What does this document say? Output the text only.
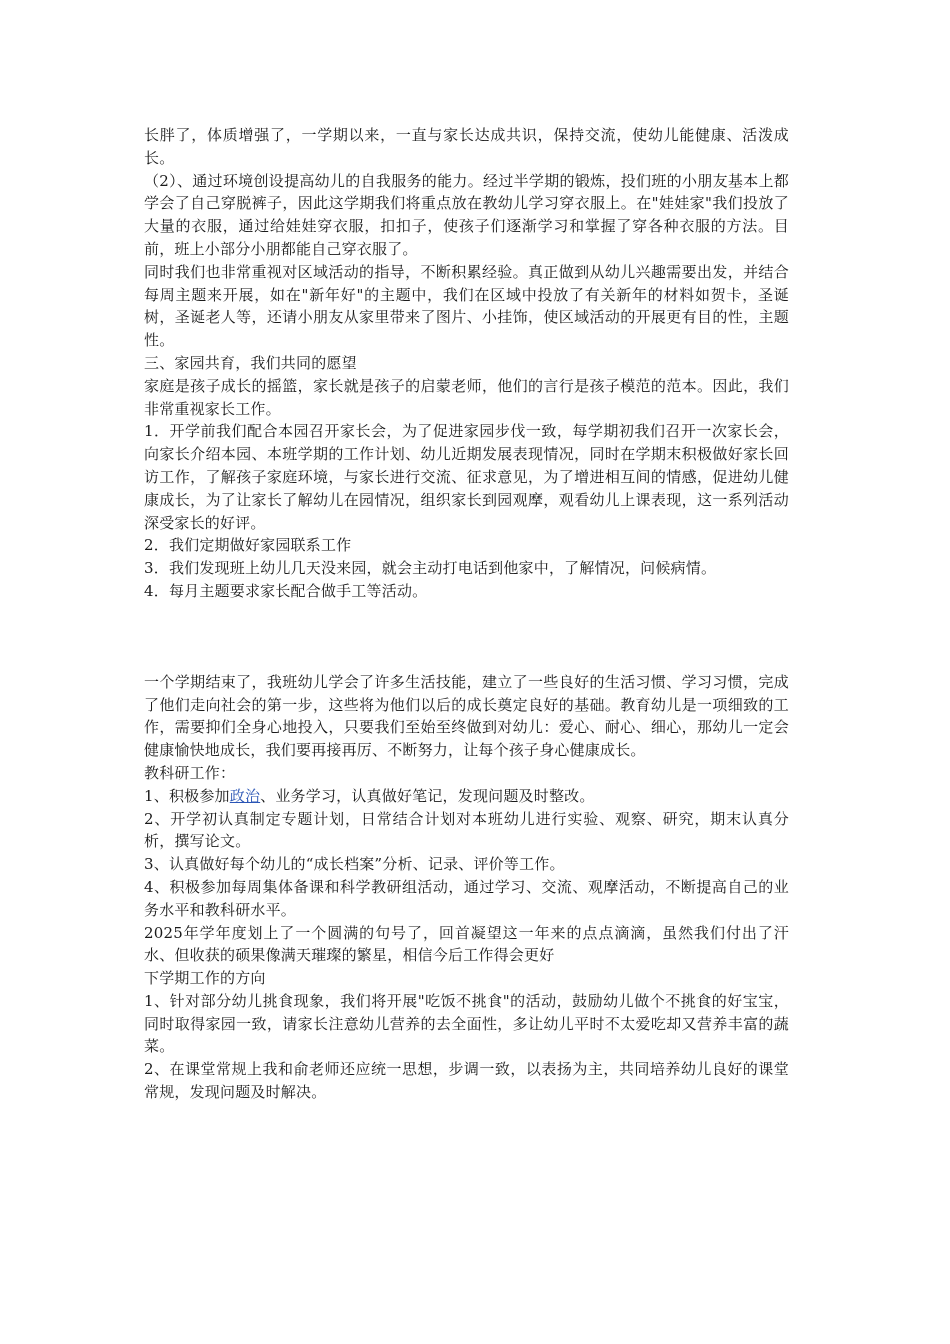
长胖了，体质增强了，一学期以来，一直与家长达成共识，保持交流，使幼儿能健康、活泼成长。

（2）、通过环境创设提高幼儿的自我服务的能力。经过半学期的锻炼，投们班的小朋友基本上都学会了自己穿脱裤子，因此这学期我们将重点放在教幼儿学习穿衣服上。在"娃娃家"我们投放了大量的衣服，通过给娃娃穿衣服，扣扣子，使孩子们逐渐学习和掌握了穿各种衣服的方法。目前，班上小部分小朋都能自己穿衣服了。

同时我们也非常重视对区域活动的指导，不断积累经验。真正做到从幼儿兴趣需要出发，并结合每周主题来开展，如在"新年好"的主题中，我们在区域中投放了有关新年的材料如贺卡，圣诞树，圣诞老人等，还请小朋友从家里带来了图片、小挂饰，使区域活动的开展更有目的性，主题性。

三、家园共育，我们共同的愿望

家庭是孩子成长的摇篮，家长就是孩子的启蒙老师，他们的言行是孩子模范的范本。因此，我们非常重视家长工作。

1．开学前我们配合本园召开家长会，为了促进家园步伐一致，每学期初我们召开一次家长会，向家长介绍本园、本班学期的工作计划、幼儿近期发展表现情况，同时在学期末积极做好家长回访工作，了解孩子家庭环境，与家长进行交流、征求意见，为了增进相互间的情感，促进幼儿健康成长，为了让家长了解幼儿在园情况，组织家长到园观摩，观看幼儿上课表现，这一系列活动深受家长的好评。

2．我们定期做好家园联系工作

3．我们发现班上幼儿几天没来园，就会主动打电话到他家中，了解情况，问候病情。

4．每月主题要求家长配合做手工等活动。

一个学期结束了，我班幼儿学会了许多生活技能，建立了一些良好的生活习惯、学习习惯，完成了他们走向社会的第一步，这些将为他们以后的成长奠定良好的基础。教育幼儿是一项细致的工作，需要抑们全身心地投入，只要我们至始至终做到对幼儿：爱心、耐心、细心，那幼儿一定会健康愉快地成长，我们要再接再厉、不断努力，让每个孩子身心健康成长。

教科研工作：

1、积极参加政治、业务学习，认真做好笔记，发现问题及时整改。

2、开学初认真制定专题计划，日常结合计划对本班幼儿进行实验、观察、研究，期末认真分析，撰写论文。

3、认真做好每个幼儿的“成长档案”分析、记录、评价等工作。

4、积极参加每周集体备课和科学教研组活动，通过学习、交流、观摩活动，不断提高自己的业务水平和教科研水平。

2025年学年度划上了一个圆满的句号了，回首凝望这一年来的点点滴滴，虽然我们付出了汗水、但收获的硕果像满天璀璨的繁星，相信今后工作得会更好

下学期工作的方向

1、针对部分幼儿挑食现象，我们将开展"吃饭不挑食"的活动，鼓励幼儿做个不挑食的好宝宝，同时取得家园一致，请家长注意幼儿营养的去全面性，多让幼儿平时不太爱吃却又营养丰富的蔬菜。

2、在课堂常规上我和俞老师还应统一思想，步调一致，以表扬为主，共同培养幼儿良好的课堂常规，发现问题及时解决。
